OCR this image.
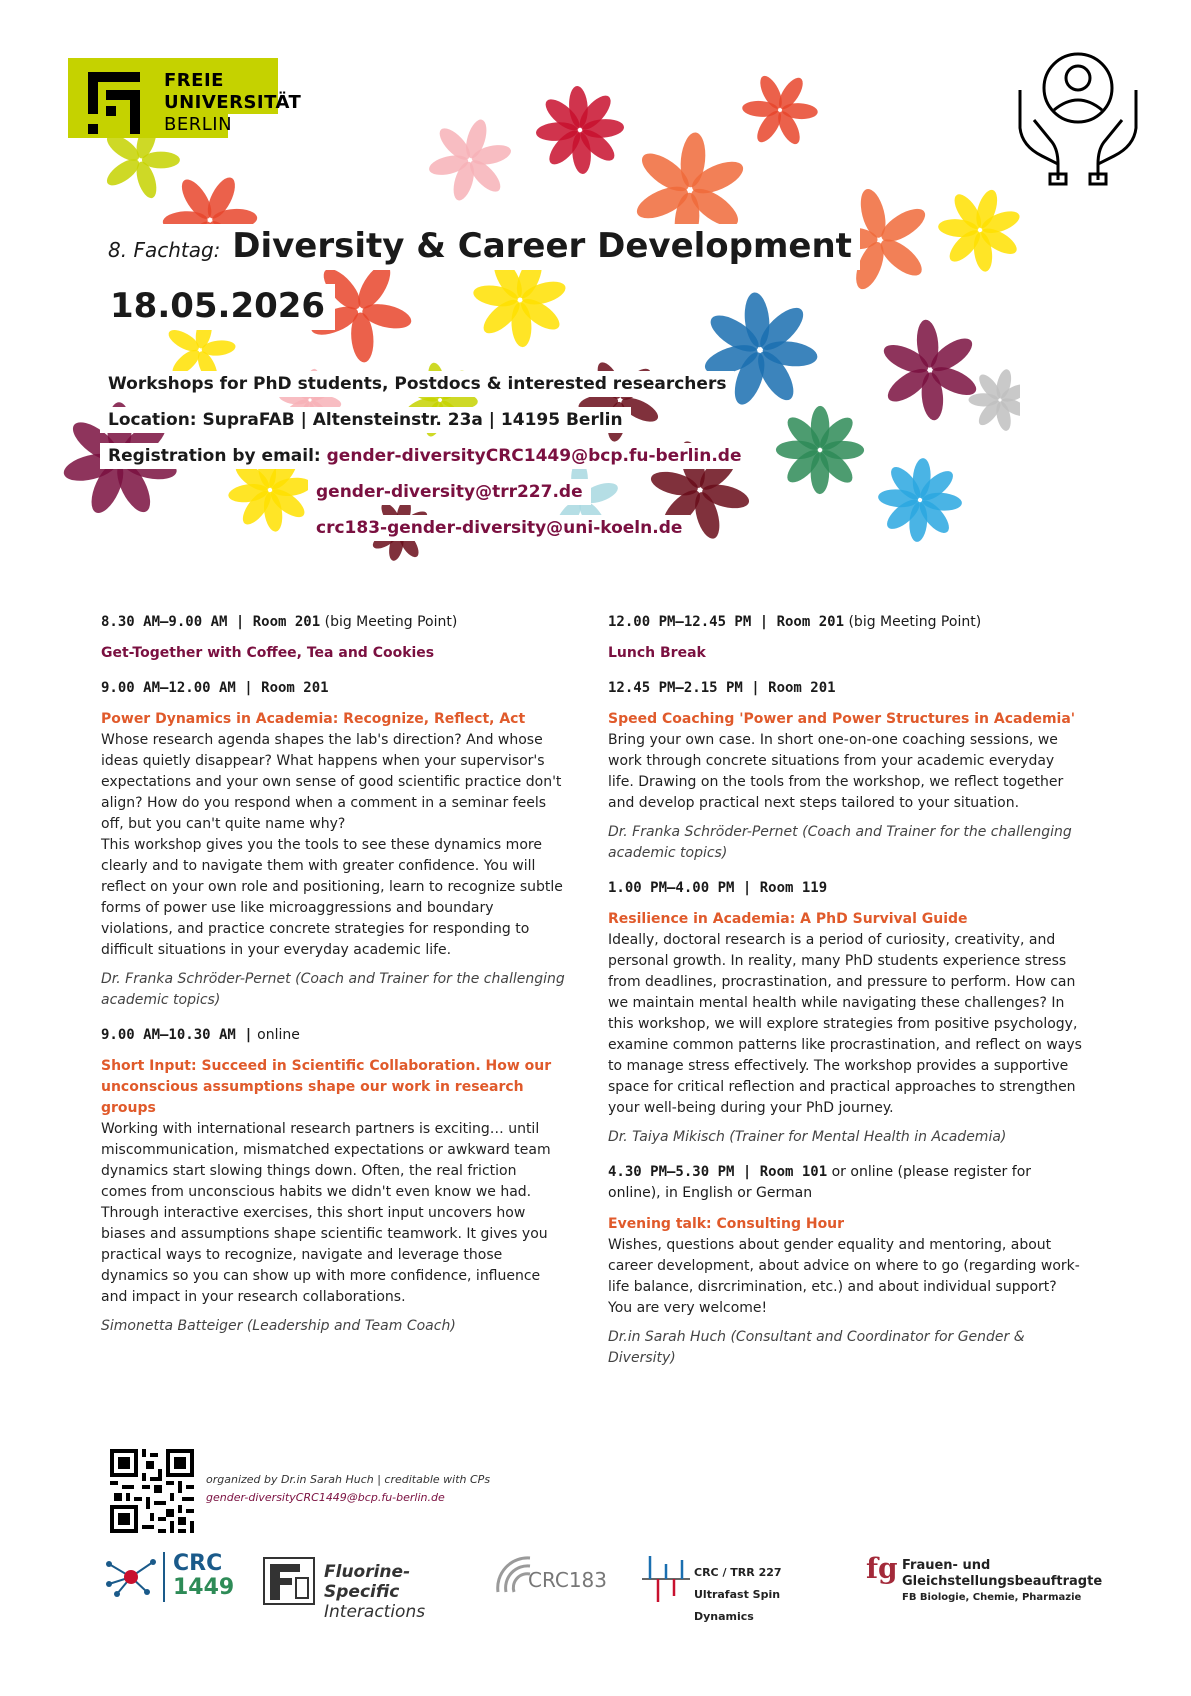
FREIE
UNIVERSITÄT
BERLIN
8. Fachtag: Diversity & Career Development
18.05.2026
Workshops for PhD students, Postdocs & interested researchers
Location: SupraFAB | Altensteinstr. 23a | 14195 Berlin
Registration by email: gender-diversityCRC1449@bcp.fu-berlin.de
gender-diversity@trr227.de
crc183-gender-diversity@uni-koeln.de
8.30 AM–9.00 AM | Room 201 (big Meeting Point)
Get-Together with Coffee, Tea and Cookies
9.00 AM–12.00 AM | Room 201
Power Dynamics in Academia: Recognize, Reflect, Act
Whose research agenda shapes the lab's direction? And whose ideas quietly disappear? What happens when your supervisor's expectations and your own sense of good scientific practice don't align? How do you respond when a comment in a seminar feels off, but you can't quite name why?
This workshop gives you the tools to see these dynamics more clearly and to navigate them with greater confidence. You will reflect on your own role and positioning, learn to recognize subtle forms of power use like microaggressions and boundary violations, and practice concrete strategies for responding to difficult situations in your everyday academic life.
Dr. Franka Schröder-Pernet (Coach and Trainer for the challenging academic topics)
9.00 AM–10.30 AM | online
Short Input: Succeed in Scientific Collaboration. How our unconscious assumptions shape our work in research groups
Working with international research partners is exciting… until miscommunication, mismatched expectations or awkward team dynamics start slowing things down. Often, the real friction comes from unconscious habits we didn't even know we had. Through interactive exercises, this short input uncovers how biases and assumptions shape scientific teamwork. It gives you practical ways to recognize, navigate and leverage those dynamics so you can show up with more confidence, influence and impact in your research collaborations.
Simonetta Batteiger (Leadership and Team Coach)
12.00 PM–12.45 PM | Room 201 (big Meeting Point)
Lunch Break
12.45 PM–2.15 PM | Room 201
Speed Coaching 'Power and Power Structures in Academia'
Bring your own case. In short one-on-one coaching sessions, we work through concrete situations from your academic everyday life. Drawing on the tools from the workshop, we reflect together and develop practical next steps tailored to your situation.
Dr. Franka Schröder-Pernet (Coach and Trainer for the challenging academic topics)
1.00 PM–4.00 PM | Room 119
Resilience in Academia: A PhD Survival Guide
Ideally, doctoral research is a period of curiosity, creativity, and personal growth. In reality, many PhD students experience stress from deadlines, procrastination, and pressure to perform. How can we maintain mental health while navigating these challenges? In this workshop, we will explore strategies from positive psychology, examine common patterns like procrastination, and reflect on ways to manage stress effectively. The workshop provides a supportive space for critical reflection and practical approaches to strengthen your well-being during your PhD journey.
Dr. Taiya Mikisch (Trainer for Mental Health in Academia)
4.30 PM–5.30 PM | Room 101 or online (please register for online), in English or German
Evening talk: Consulting Hour
Wishes, questions about gender equality and mentoring, about career development, about advice on where to go (regarding work-life balance, disrcrimination, etc.) and about individual support? You are very welcome!
Dr.in Sarah Huch (Consultant and Coordinator for Gender & Diversity)
organized by Dr.in Sarah Huch | creditable with CPs
gender-diversityCRC1449@bcp.fu-berlin.de
CRC
1449
Fluorine-Specific
Interactions
CRC183	CRC / TRR 227
Ultrafast Spin Dynamics
fg Frauen- und
Gleichstellungsbeauftragte
FB Biologie, Chemie, Pharmazie
